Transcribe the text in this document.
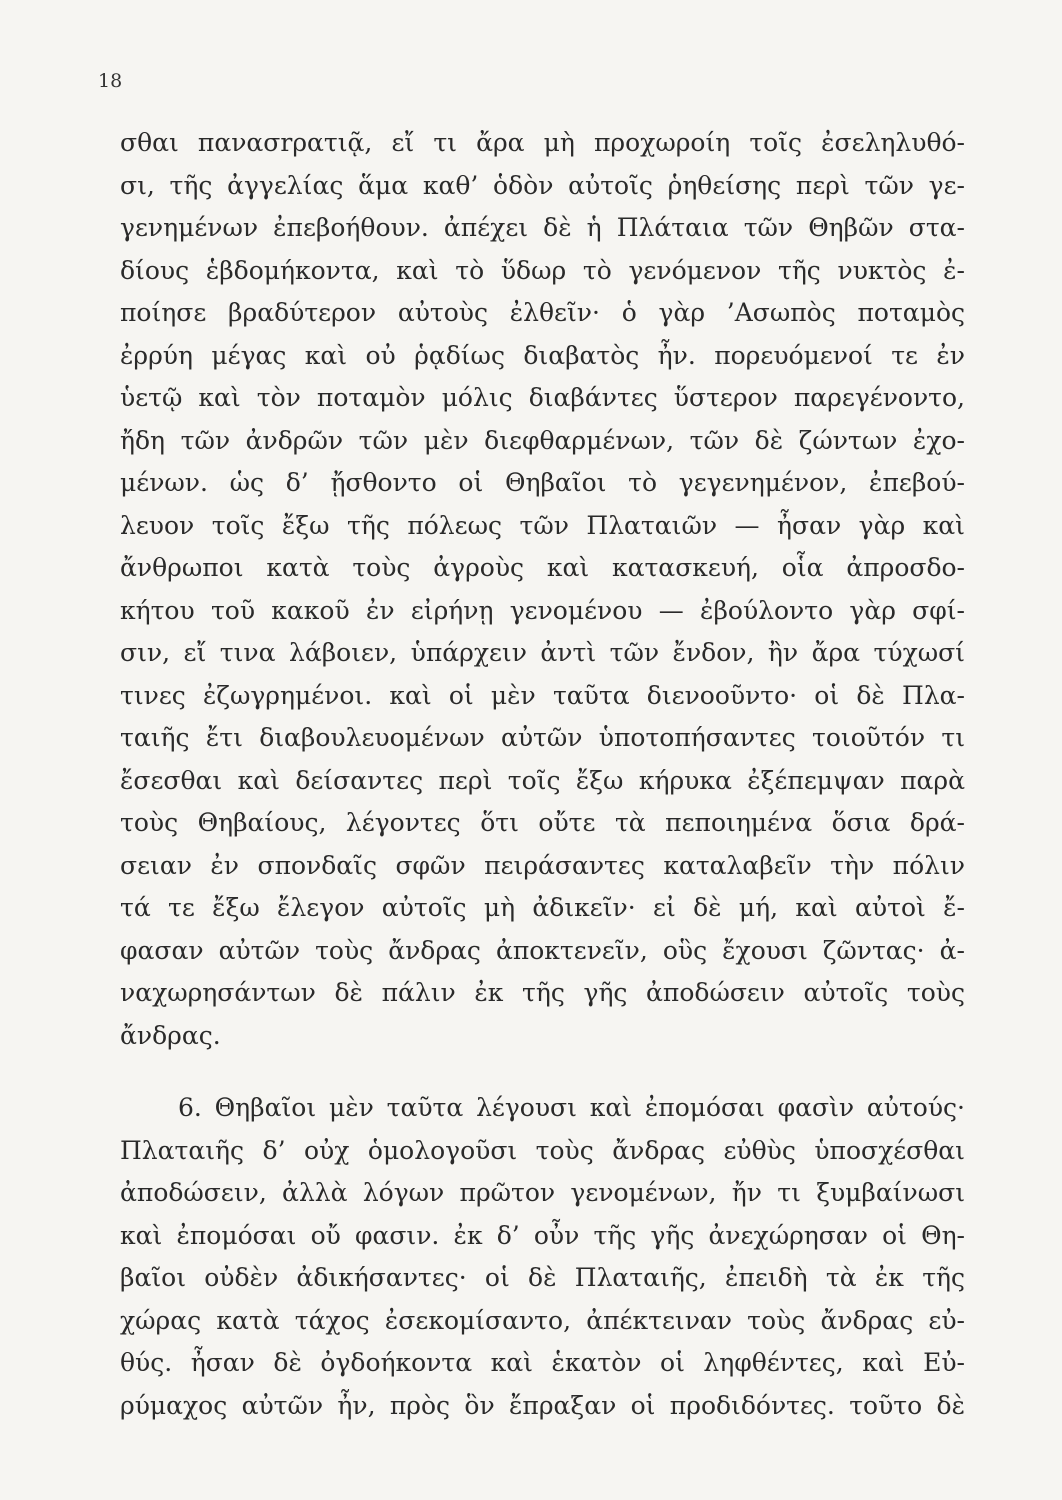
18
σθαι πανασrρατιᾷ, εἴ τι ἄρα μὴ προχωροίη τοῖς ἐσεληλυθό-
σι, τῆς ἀγγελίας ἅμα καθ’ ὁδὸν αὐτοῖς ῥηθείσης περὶ τῶν γε-
γενημένων ἐπεβοήθουν. ἀπέχει δὲ ἡ Πλάταια τῶν Θηβῶν στα-
δίους ἑβδομήκοντα, καὶ τὸ ὕδωρ τὸ γενόμενον τῆς νυκτὸς ἐ-
ποίησε βραδύτερον αὐτοὺς ἐλθεῖν· ὁ γὰρ ’Ασωπὸς ποταμὸς
ἐρρύη μέγας καὶ οὐ ῥᾳδίως διαβατὸς ἦν. πορευόμενοί τε ἐν
ὑετῷ καὶ τὸν ποταμὸν μόλις διαβάντες ὕστερον παρεγένοντο,
ἤδη τῶν ἀνδρῶν τῶν μὲν διεφθαρμένων, τῶν δὲ ζώντων ἐχο-
μένων. ὡς δ’ ᾔσθοντο οἱ Θηβαῖοι τὸ γεγενημένον, ἐπεβού-
λευον τοῖς ἔξω τῆς πόλεως τῶν Πλαταιῶν — ἦσαν γὰρ καὶ
ἄνθρωποι κατὰ τοὺς ἀγροὺς καὶ κατασκευή, οἷα ἀπροσδο-
κήτου τοῦ κακοῦ ἐν εἰρήνῃ γενομένου — ἐβούλοντο γὰρ σφί-
σιν, εἴ τινα λάβοιεν, ὑπάρχειν ἀντὶ τῶν ἔνδον, ἢν ἄρα τύχωσί
τινες ἐζωγρημένοι. καὶ οἱ μὲν ταῦτα διενοοῦντο· οἱ δὲ Πλα-
ταιῆς ἔτι διαβουλευομένων αὐτῶν ὑποτοπήσαντες τοιοῦτόν τι
ἔσεσθαι καὶ δείσαντες περὶ τοῖς ἔξω κήρυκα ἐξέπεμψαν παρὰ
τοὺς Θηβαίους, λέγοντες ὅτι οὔτε τὰ πεποιημένα ὅσια δρά-
σειαν ἐν σπονδαῖς σφῶν πειράσαντες καταλαβεῖν τὴν πόλιν
τά τε ἔξω ἔλεγον αὐτοῖς μὴ ἀδικεῖν· εἰ δὲ μή, καὶ αὐτοὶ ἔ-
φασαν αὐτῶν τοὺς ἄνδρας ἀποκτενεῖν, οὓς ἔχουσι ζῶντας· ἀ-
ναχωρησάντων δὲ πάλιν ἐκ τῆς γῆς ἀποδώσειν αὐτοῖς τοὺς
ἄνδρας.
6. Θηβαῖοι μὲν ταῦτα λέγουσι καὶ ἐπομόσαι φασὶν αὐτούς·
Πλαταιῆς δ’ οὐχ ὁμολογοῦσι τοὺς ἄνδρας εὐθὺς ὑποσχέσθαι
ἀποδώσειν, ἀλλὰ λόγων πρῶτον γενομένων, ἤν τι ξυμβαίνωσι
καὶ ἐπομόσαι οὔ φασιν. ἐκ δ’ οὖν τῆς γῆς ἀνεχώρησαν οἱ Θη-
βαῖοι οὐδὲν ἀδικήσαντες· οἱ δὲ Πλαταιῆς, ἐπειδὴ τὰ ἐκ τῆς
χώρας κατὰ τάχος ἐσεκομίσαντο, ἀπέκτειναν τοὺς ἄνδρας εὐ-
θύς. ἦσαν δὲ ὀγδοήκοντα καὶ ἑκατὸν οἱ ληφθέντες, καὶ Εὐ-
ρύμαχος αὐτῶν ἦν, πρὸς ὃν ἔπραξαν οἱ προδιδόντες. τοῦτο δὲ
